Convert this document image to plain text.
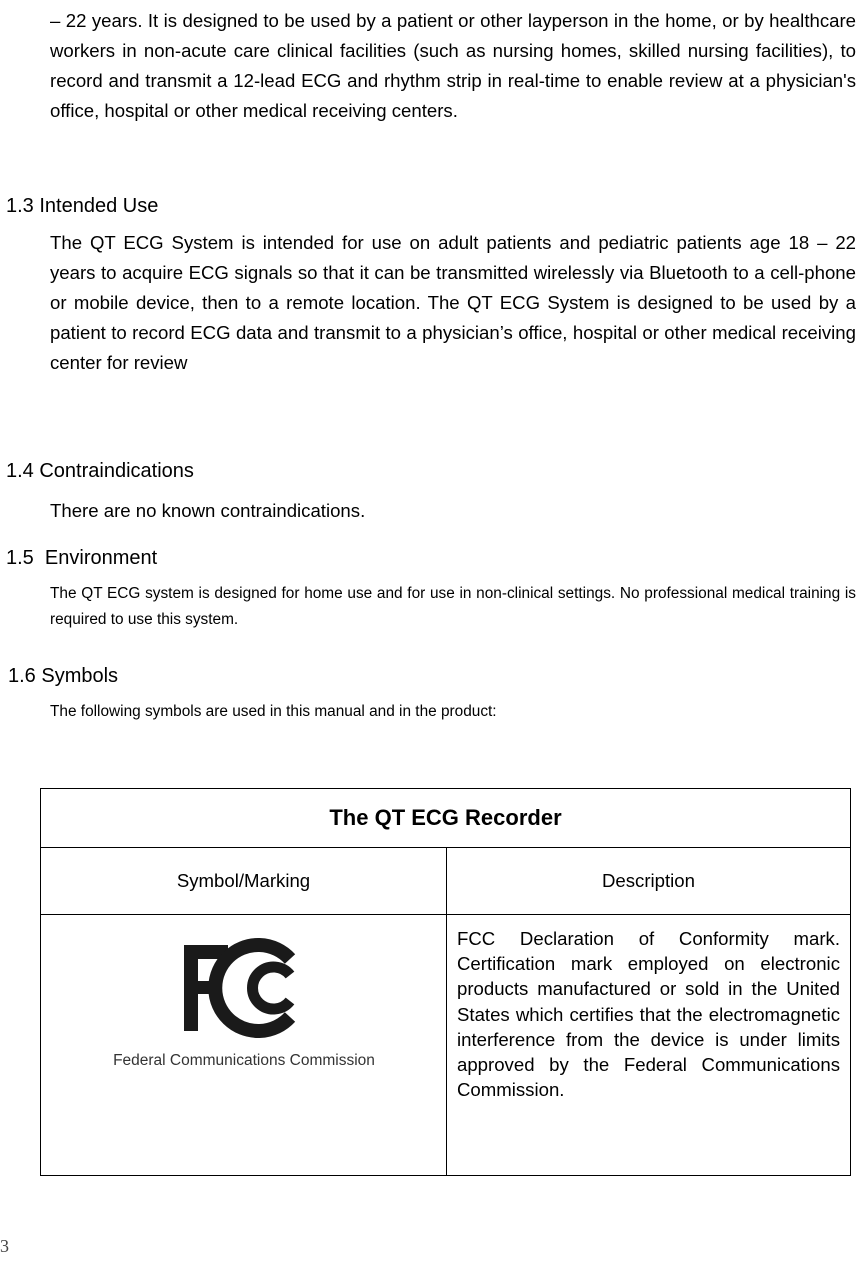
– 22 years. It is designed to be used by a patient or other layperson in the home, or by healthcare workers in non-acute care clinical facilities (such as nursing homes, skilled nursing facilities), to record and transmit a 12-lead ECG and rhythm strip in real-time to enable review at a physician's office, hospital or other medical receiving centers.
1.3 Intended Use
The QT ECG System is intended for use on adult patients and pediatric patients age 18 – 22 years to acquire ECG signals so that it can be transmitted wirelessly via Bluetooth to a cell-phone or mobile device, then to a remote location. The QT ECG System is designed to be used by a patient to record ECG data and transmit to a physician’s office, hospital or other medical receiving center for review
1.4 Contraindications
There are no known contraindications.
1.5  Environment
The QT ECG system is designed for home use and for use in non-clinical settings. No professional medical training is required to use this system.
1.6 Symbols
The following symbols are used in this manual and in the product:
The QT ECG Recorder	
Symbol/Marking	Description

Federal Communications Commission	FCC Declaration of Conformity mark. Certification mark employed on electronic products manufactured or sold in the United States which certifies that the electromagnetic interference from the device is under limits approved by the Federal Communications Commission.
3
